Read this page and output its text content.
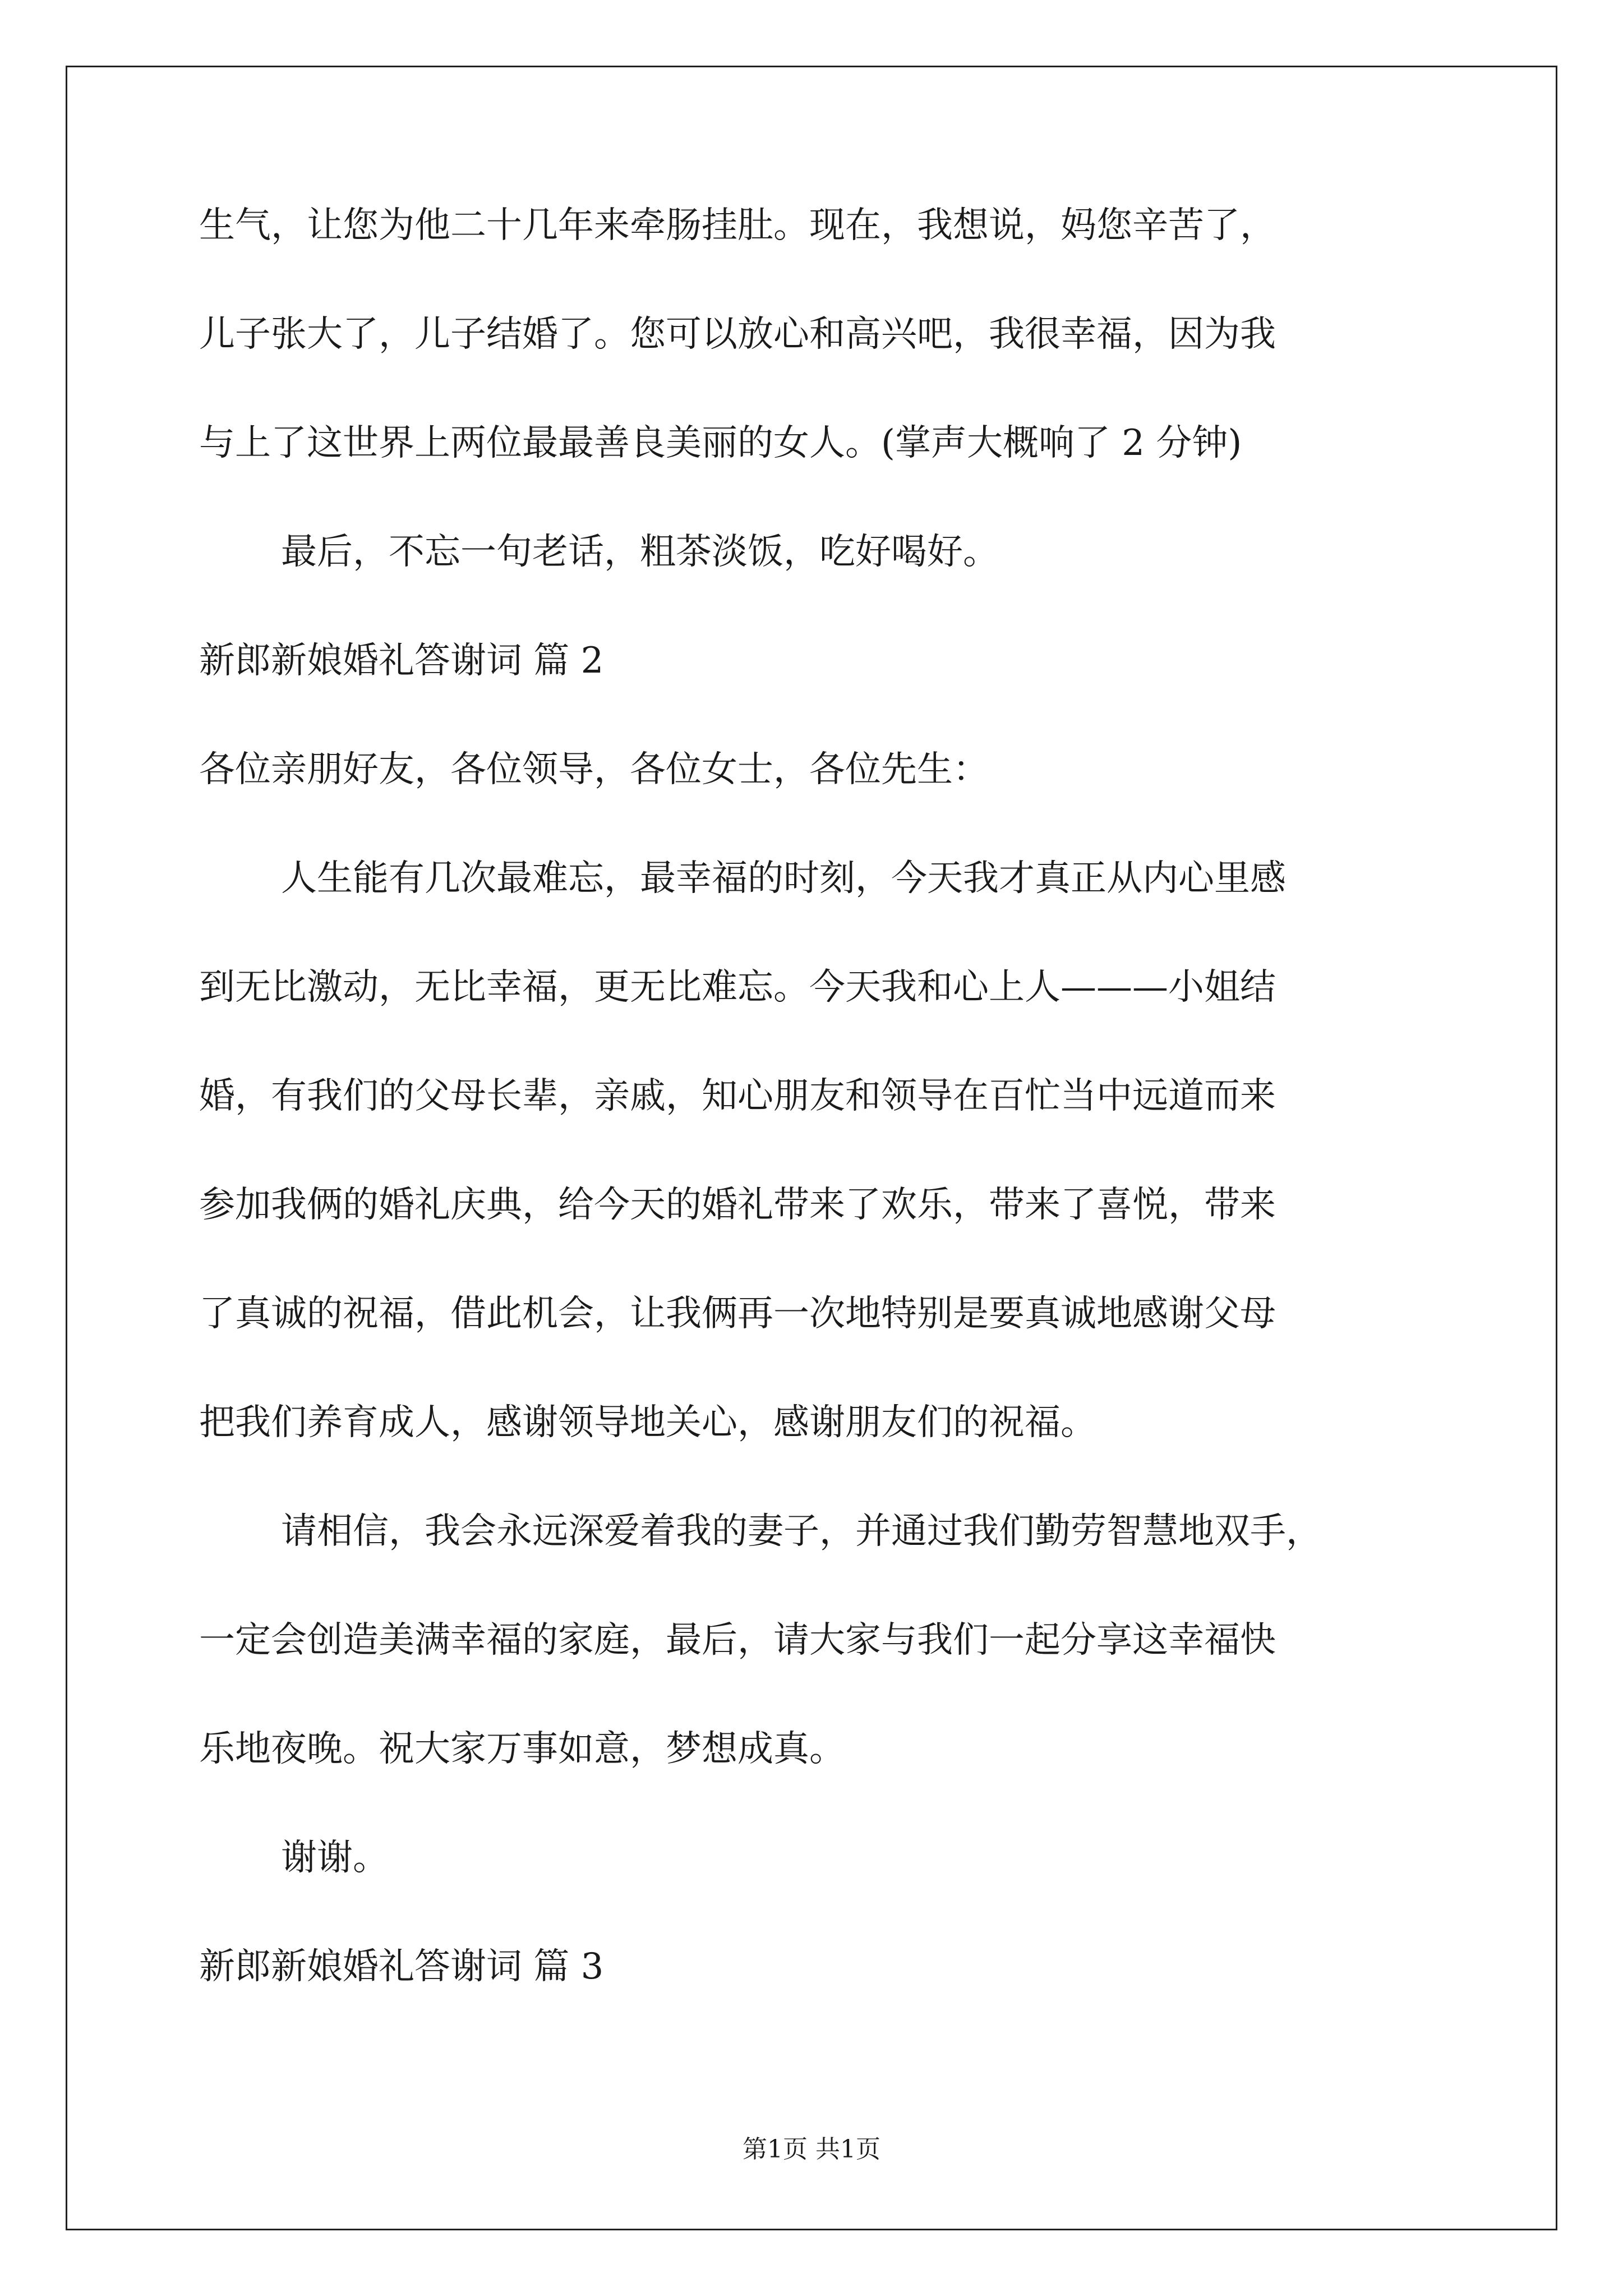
生气，让您为他二十几年来牵肠挂肚。现在，我想说，妈您辛苦了，
儿子张大了，儿子结婚了。您可以放心和高兴吧，我很幸福，因为我
与上了这世界上两位最最善良美丽的女人。(掌声大概响了 2 分钟)
最后，不忘一句老话，粗茶淡饭，吃好喝好。
新郎新娘婚礼答谢词 篇 2
各位亲朋好友，各位领导，各位女士，各位先生：
人生能有几次最难忘，最幸福的时刻，今天我才真正从内心里感
到无比激动，无比幸福，更无比难忘。今天我和心上人———小姐结
婚，有我们的父母长辈，亲戚，知心朋友和领导在百忙当中远道而来
参加我俩的婚礼庆典，给今天的婚礼带来了欢乐，带来了喜悦，带来
了真诚的祝福，借此机会，让我俩再一次地特别是要真诚地感谢父母
把我们养育成人，感谢领导地关心，感谢朋友们的祝福。
请相信，我会永远深爱着我的妻子，并通过我们勤劳智慧地双手，
一定会创造美满幸福的家庭，最后，请大家与我们一起分享这幸福快
乐地夜晚。祝大家万事如意，梦想成真。
谢谢。
新郎新娘婚礼答谢词 篇 3
第1页 共1页
